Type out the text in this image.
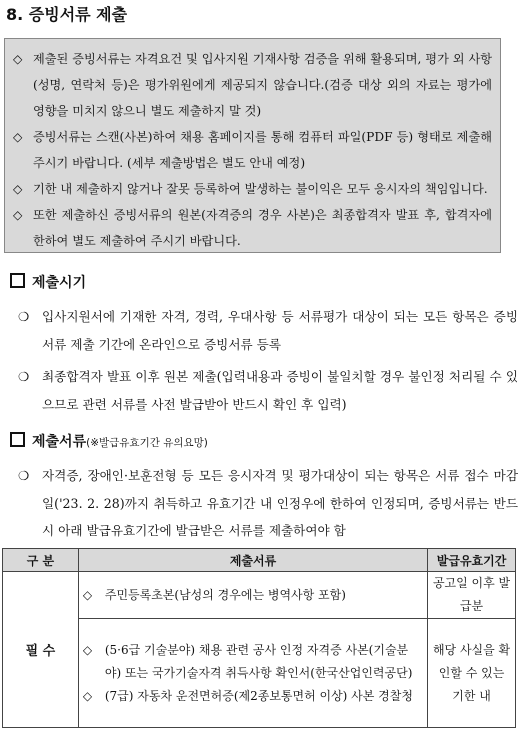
8. 증빙서류 제출
◇ 제출된 증빙서류는 자격요건 및 입사지원 기재사항 검증을 위해 활용되며, 평가 외 사항(성명, 연락처 등)은 평가위원에게 제공되지 않습니다.(검증 대상 외의 자료는 평가에 영향을 미치지 않으니 별도 제출하지 말 것)
◇ 증빙서류는 스캔(사본)하여 채용 홈페이지를 통해 컴퓨터 파일(PDF 등) 형태로 제출해 주시기 바랍니다. (세부 제출방법은 별도 안내 예정)
◇ 기한 내 제출하지 않거나 잘못 등록하여 발생하는 불이익은 모두 응시자의 책임입니다.
◇ 또한 제출하신 증빙서류의 원본(자격증의 경우 사본)은 최종합격자 발표 후, 합격자에 한하여 별도 제출하여 주시기 바랍니다.
제출시기
❍	입사지원서에 기재한 자격, 경력, 우대사항 등 서류평가 대상이 되는 모든 항목은 증빙서류 제출 기간에 온라인으로 증빙서류 등록
❍	최종합격자 발표 이후 원본 제출(입력내용과 증빙이 불일치할 경우 불인정 처리될 수 있으므로 관련 서류를 사전 발급받아 반드시 확인 후 입력)
제출서류(※발급유효기간 유의요망)
❍	자격증, 장애인·보훈전형 등 모든 응시자격 및 평가대상이 되는 항목은 서류 접수 마감일('23. 2. 28)까지 취득하고 유효기간 내 인정우에 한하여 인정되며, 증빙서류는 반드시 아래 발급유효기간에 발급받은 서류를 제출하여야 함
구 분	제출서류	발급유효기간
필 수	◇ 주민등록초본(남성의 경우에는 병역사항 포함)	공고일 이후 발급분

	◇ (5·6급 기술분야) 채용 관련 공사 인정 자격증 사본(기술분야) 또는 국가기술자격 취득사항 확인서(한국산업인력공단)
◇ (7급) 자동차 운전면허증(제2종보통면허 이상) 사본 경찰청	해당 사실을 확인할 수 있는 기한 내
